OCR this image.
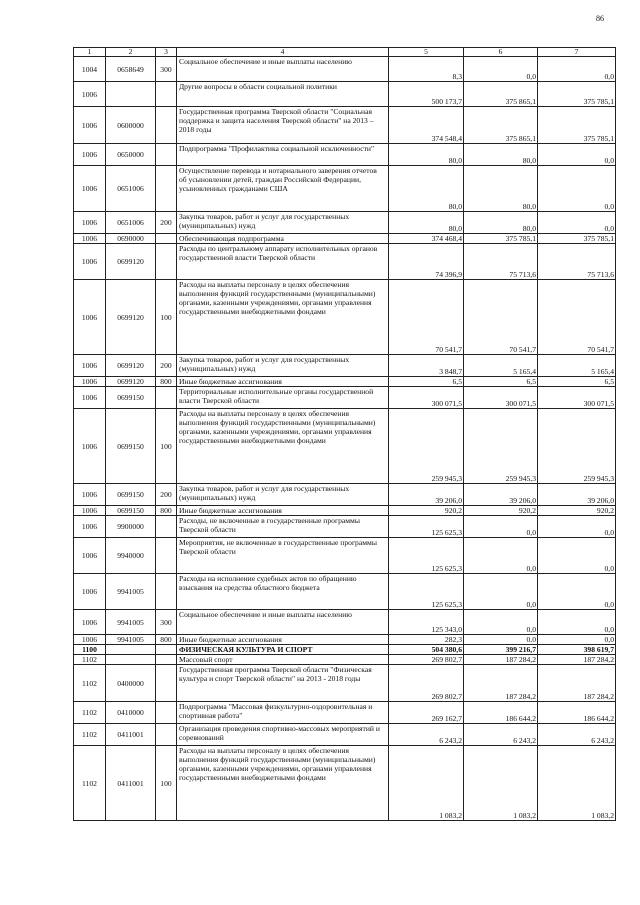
86
1	2	3	4	5	6	7
1004	0658649	300	Социальное обеспечение и иные выплаты населению	8,3	0,0	0,0
1006			Другие вопросы в области социальной политики	500 173,7	375 865,1	375 785,1
1006	0600000		Государственная программа Тверской области "Социальная поддержка и защита населения Тверской области" на 2013 – 2018 годы	374 548,4	375 865,1	375 785,1
1006	0650000		Подпрограмма "Профилактика социальной исключенности"	80,0	80,0	0,0
1006	0651006		Осуществление перевода и нотариального заверения отчетов об усыновлении детей, граждан Российской Федерации, усыновленных гражданами США	80,0	80,0	0,0
1006	0651006	200	Закупка товаров, работ и услуг для государственных (муниципальных) нужд	80,0	80,0	0,0
1006	0690000		Обеспечивающая подпрограмма	374 468,4	375 785,1	375 785,1
1006	0699120		Расходы по центральному аппарату исполнительных органов государственной власти Тверской области	74 396,9	75 713,6	75 713,6
1006	0699120	100	Расходы на выплаты персоналу в целях обеспечения выполнения функций государственными (муниципальными) органами, казенными учреждениями, органами управления государственными внебюджетными фондами	70 541,7	70 541,7	70 541,7
1006	0699120	200	Закупка товаров, работ и услуг для государственных (муниципальных) нужд	3 848,7	5 165,4	5 165,4
1006	0699120	800	Иные бюджетные ассигнования	6,5	6,5	6,5
1006	0699150		Территориальные исполнительные органы государственной власти Тверской области	300 071,5	300 071,5	300 071,5
1006	0699150	100	Расходы на выплаты персоналу в целях обеспечения выполнения функций государственными (муниципальными) органами, казенными учреждениями, органами управления государственными внебюджетными фондами	259 945,3	259 945,3	259 945,3
1006	0699150	200	Закупка товаров, работ и услуг для государственных (муниципальных) нужд	39 206,0	39 206,0	39 206,0
1006	0699150	800	Иные бюджетные ассигнования	920,2	920,2	920,2
1006	9900000		Расходы, не включенные в государственные программы Тверской области	125 625,3	0,0	0,0
1006	9940000		Мероприятия, не включенные в государственные программы Тверской области	125 625,3	0,0	0,0
1006	9941005		Расходы на исполнение судебных актов по обращению взыскания на средства областного бюджета	125 625,3	0,0	0,0
1006	9941005	300	Социальное обеспечение и иные выплаты населению	125 343,0	0,0	0,0
1006	9941005	800	Иные бюджетные ассигнования	282,3	0,0	0,0
1100			ФИЗИЧЕСКАЯ КУЛЬТУРА И СПОРТ	504 380,6	399 216,7	398 619,7
1102			Массовый спорт	269 802,7	187 284,2	187 284,2
1102	0400000		Государственная программа Тверской области "Физическая культура и спорт Тверской области" на 2013 - 2018 годы	269 802,7	187 284,2	187 284,2
1102	0410000		Подпрограмма "Массовая физкультурно-оздоровительная и спортивная работа"	269 162,7	186 644,2	186 644,2
1102	0411001		Организация проведения спортивно-массовых мероприятий и соревнований	6 243,2	6 243,2	6 243,2
1102	0411001	100	Расходы на выплаты персоналу в целях обеспечения выполнения функций государственными (муниципальными) органами, казенными учреждениями, органами управления государственными внебюджетными фондами	1 083,2	1 083,2	1 083,2
